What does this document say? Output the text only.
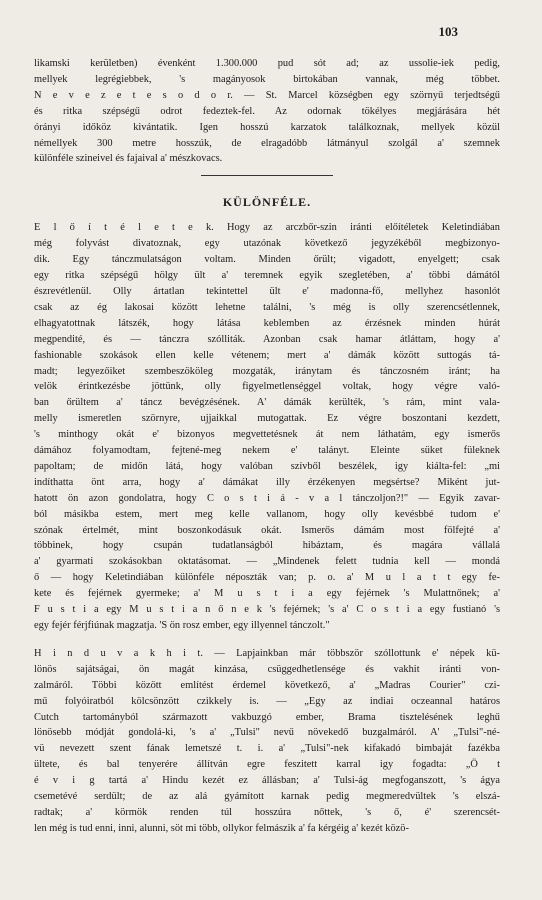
103
likamski kerületben) évenként 1.300.000 pud sót ad; az ussolie-iek pedig,
mellyek legrégiebbek, 's magányosok birtokában vannak, még többet.
N e v e z e t e s o d o r. — St. Marcel községben egy szörnyű terjedtségű
és ritka szépségű odrot fedeztek-fel. Az odornak tökélyes megjárására hét
órányi időköz kivántatik. Igen hosszú karzatok találkoznak, mellyek közül
némellyek 300 metre hosszúk, de elragadóbb látmányul szolgál a' szemnek
különféle szineivel és fajaival a' mészkovacs.
KÜLÖNFÉLE.
E l ő í t é l e t e k. Hogy az arczbőr-szin iránti előítéletek Keletindiában
még folyvást divatoznak, egy utazónak következő jegyzékéből megbizonyo-
dik. Egy tánczmulatságon voltam. Minden őrült; vigadott, enyelgett; csak
egy ritka szépségű hölgy ült a' teremnek egyik szegletében, a' többi dámától
észrevétlenül. Olly ártatlan tekintettel ült e' madonna-fő, mellyhez hasonlót
csak az ég lakosai között lehetne találni, 's még is olly szerencsétlennek,
elhagyatottnak látszék, hogy látása keblemben az érzésnek minden húrát
megpendité, és — tánczra szólliták. Azonban csak hamar átláttam, hogy a'
fashionable szokások ellen kelle vétenem; mert a' dámák között suttogás tá-
madt; legyezőiket szembeszököleg mozgaták, iránytam és tánczosném iránt; ha
velök érintkezésbe jöttünk, olly figyelmetlenséggel voltak, hogy végre való-
ban őrültem a' táncz bevégzésének. A' dámák kerülték, 's rám, mint vala-
melly ismeretlen szörnyre, ujjaikkal mutogattak. Ez végre boszontani kezdett,
's minthogy okát e' bizonyos megvettetésnek át nem láthatám, egy ismerős
dámához folyamodtam, fejtené-meg nekem e' talányt. Eleinte süket füleknek
papoltam; de midőn látá, hogy valóban szívből beszélek, igy kiálta-fel: „mi
indíthatta önt arra, hogy a' dámákat illy érzékenyen megsértse? Miként jut-
hatott ön azon gondolatra, hogy C o s t i á - v a l tánczoljon?!" — Egyik zavar-
ból másikba estem, mert meg kelle vallanom, hogy olly kevésbbé tudom e'
szónak értelmét, mint boszonkodásuk okát. Ismerős dámám most fölfejté a'
többinek, hogy csupán tudatlanságból hibáztam, és magára vállalá
a' gyarmati szokásokban oktatásomat. — „Mindenek felett tudnia kell — mondá
ő — hogy Keletindiában különféle néposzták van; p. o. a' M u l a t t egy fe-
kete és fejérnek gyermeke; a' M u s t i a egy fejérnek 's Mulattnőnek; a'
F u s t i a egy M u s t i a n ő n e k 's fejérnek; 's a' C o s t i a egy fustianó 's
egy fejér férjfiúnak magzatja. 'S ön rosz ember, egy illyennel tánczolt."
H i n d u v a k h i t. — Lapjainkban már többször szóllottunk e' népek kü-
lönös sajátságai, ön magát kinzása, csüggedhetlensége és vakhit iránti von-
zalmáról. Többi között említést érdemel következő, a' „Madras Courier" czi-
mű folyóiratból kölcsönzött czikkely is. — „Egy az indiai oczeannal határos
Cutch tartományból származott vakbuzgó ember, Brama tisztelésének leghű
lönösebb módját gondolá-ki, 's a' „Tulsi" nevű növekedő buzgalmáról. A' „Tulsi"-né-
vü nevezett szent fának lemetszé t. i. a' „Tulsi"-nek kifakadó bimbaját fazékba
ültete, és bal tenyerére állítván egre feszitett karral igy fogadta: „Ö t
é v i g tartá a' Hindu kezét ez állásban; a' Tulsi-ág megfoganszott, 's ágya
csemetévé serdült; de az alá gyámított karnak pedig megmeredvültek 's elszá-
radtak; a' körmök renden túl hosszúra nőttek, 's ő, é' szerencsét-
len még is tud enni, inni, alunni, söt mi több, ollykor felmászik a' fa kérgéig a' kezét közö-
